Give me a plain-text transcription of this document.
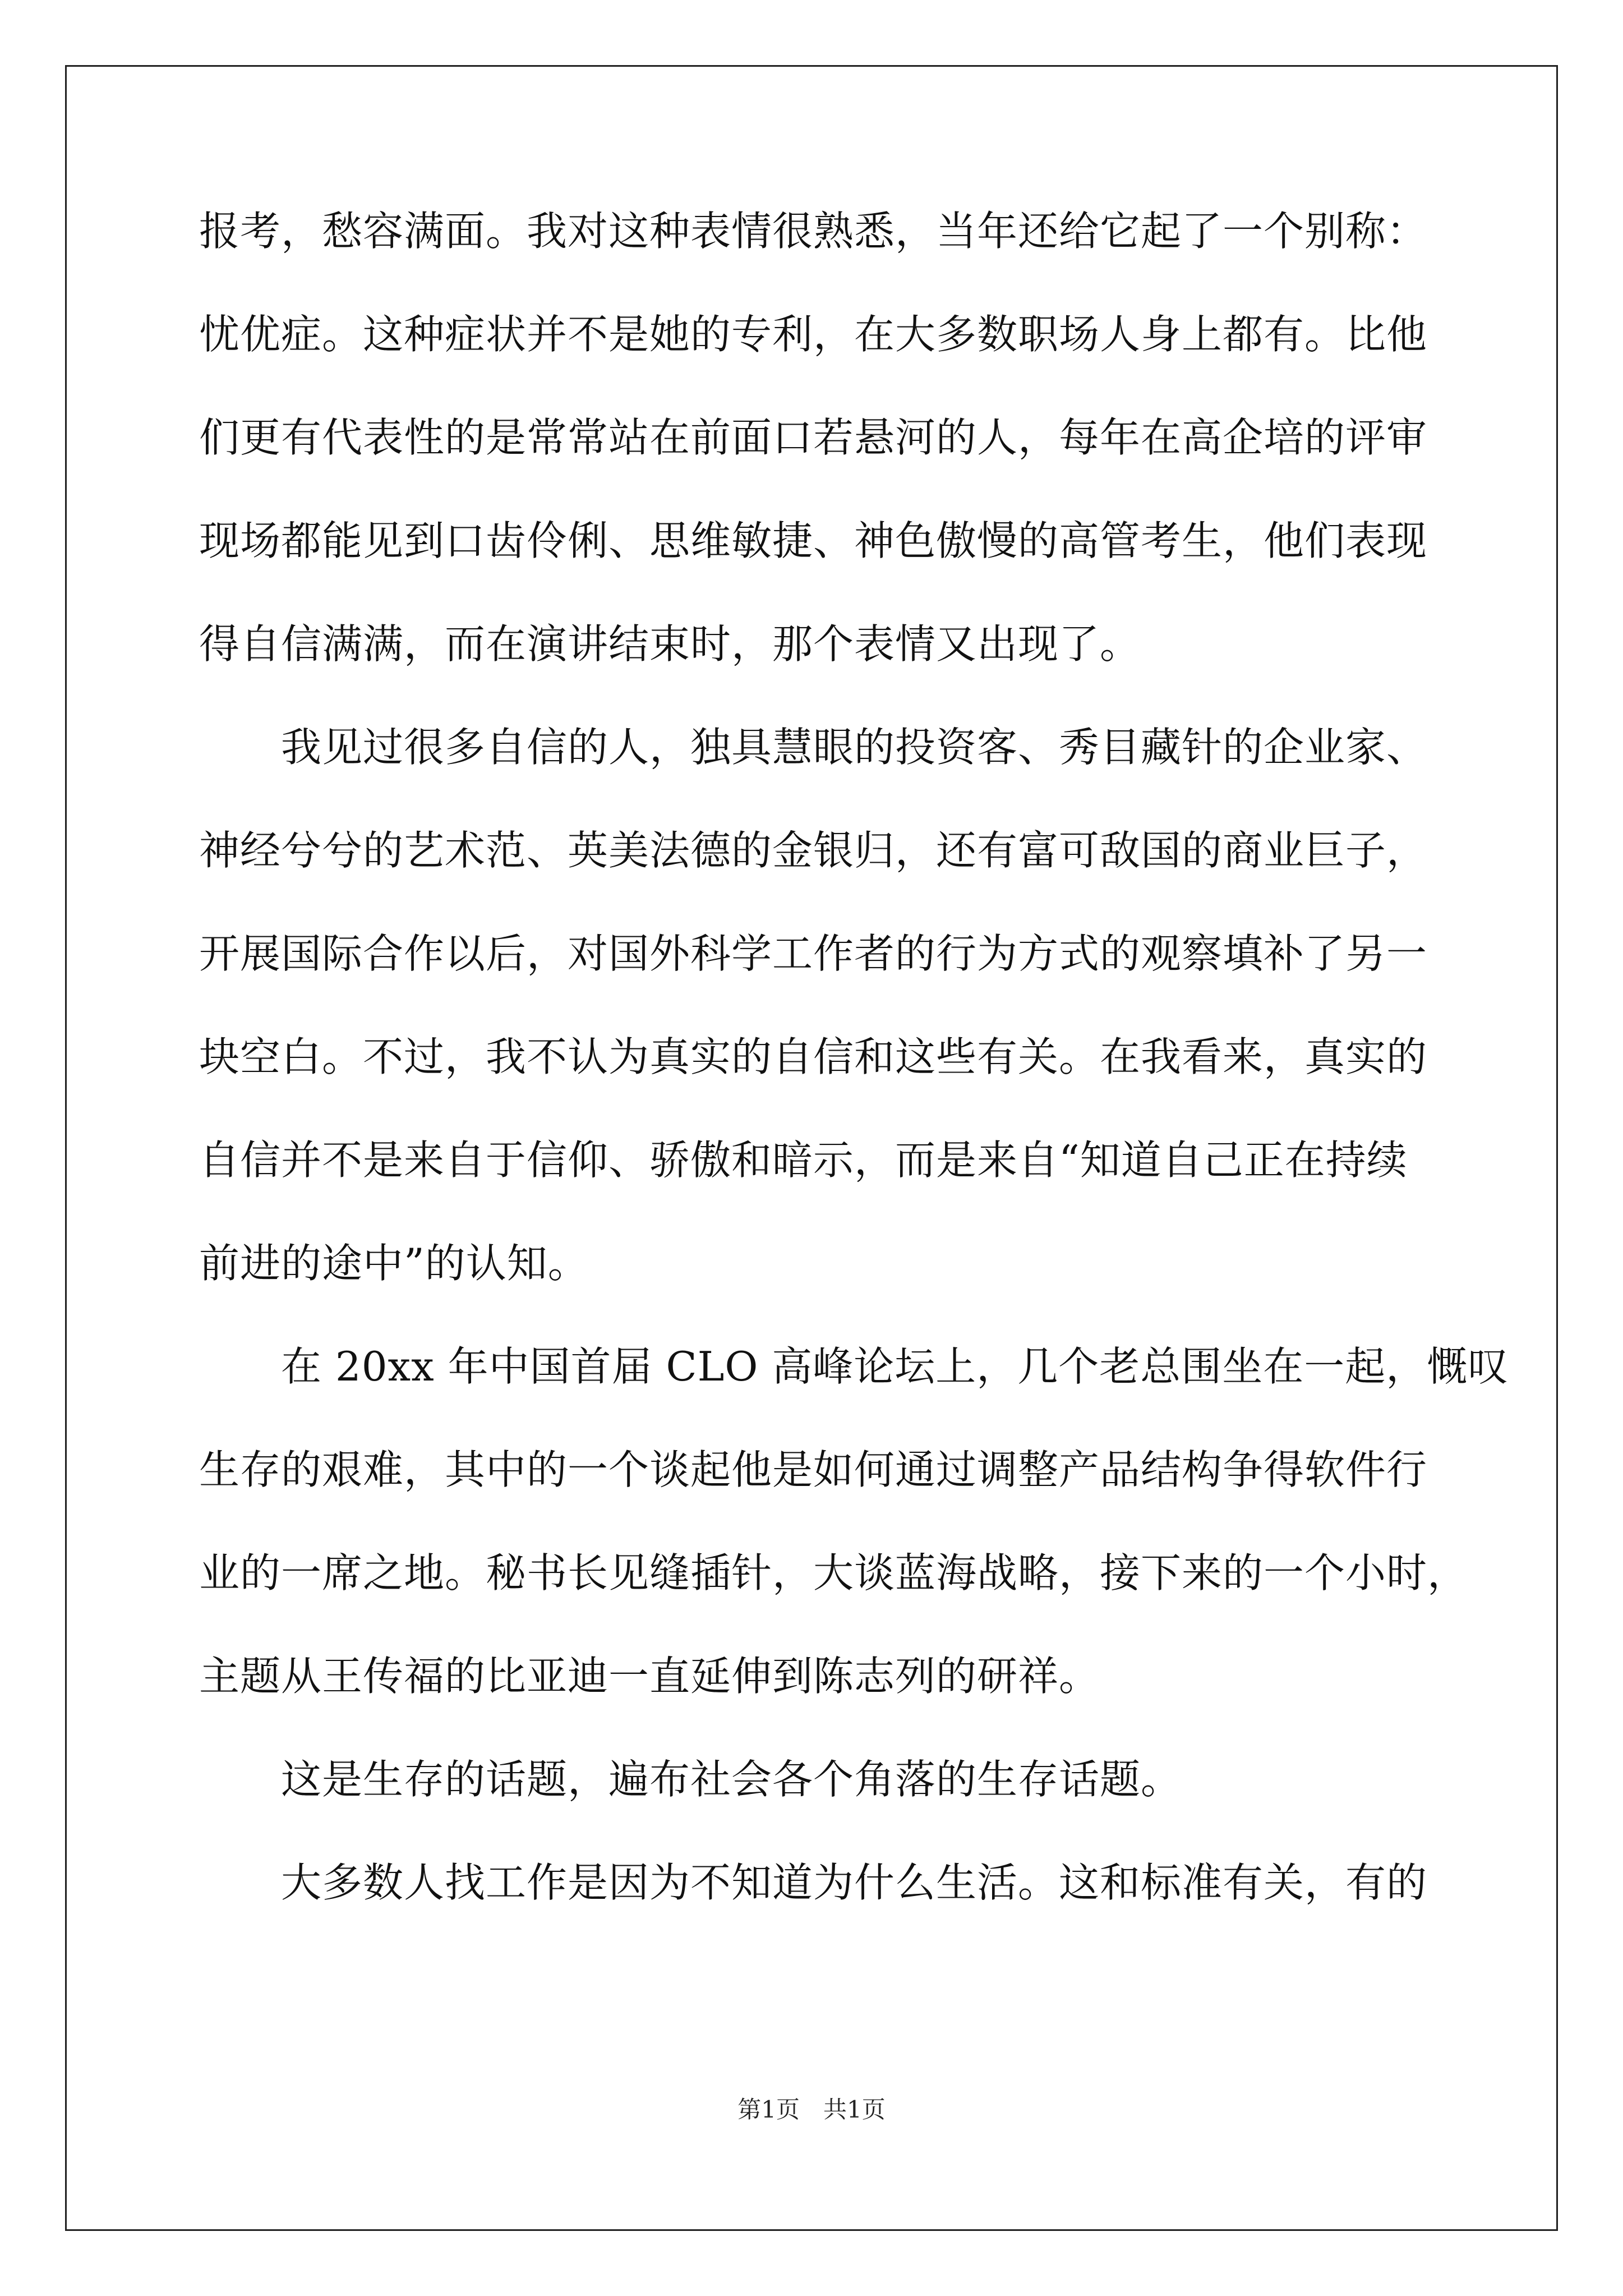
报考，愁容满面。我对这种表情很熟悉，当年还给它起了一个别称：
忧优症。这种症状并不是她的专利，在大多数职场人身上都有。比他
们更有代表性的是常常站在前面口若悬河的人，每年在高企培的评审
现场都能见到口齿伶俐、思维敏捷、神色傲慢的高管考生，他们表现
得自信满满，而在演讲结束时，那个表情又出现了。
我见过很多自信的人，独具慧眼的投资客、秀目藏针的企业家、
神经兮兮的艺术范、英美法德的金银归，还有富可敌国的商业巨子，
开展国际合作以后，对国外科学工作者的行为方式的观察填补了另一
块空白。不过，我不认为真实的自信和这些有关。在我看来，真实的
自信并不是来自于信仰、骄傲和暗示，而是来自“知道自己正在持续
前进的途中”的认知。
在 20xx 年中国首届 CLO 高峰论坛上，几个老总围坐在一起，慨叹
生存的艰难，其中的一个谈起他是如何通过调整产品结构争得软件行
业的一席之地。秘书长见缝插针，大谈蓝海战略，接下来的一个小时，
主题从王传福的比亚迪一直延伸到陈志列的研祥。
这是生存的话题，遍布社会各个角落的生存话题。
大多数人找工作是因为不知道为什么生活。这和标准有关，有的
第1页　共1页
